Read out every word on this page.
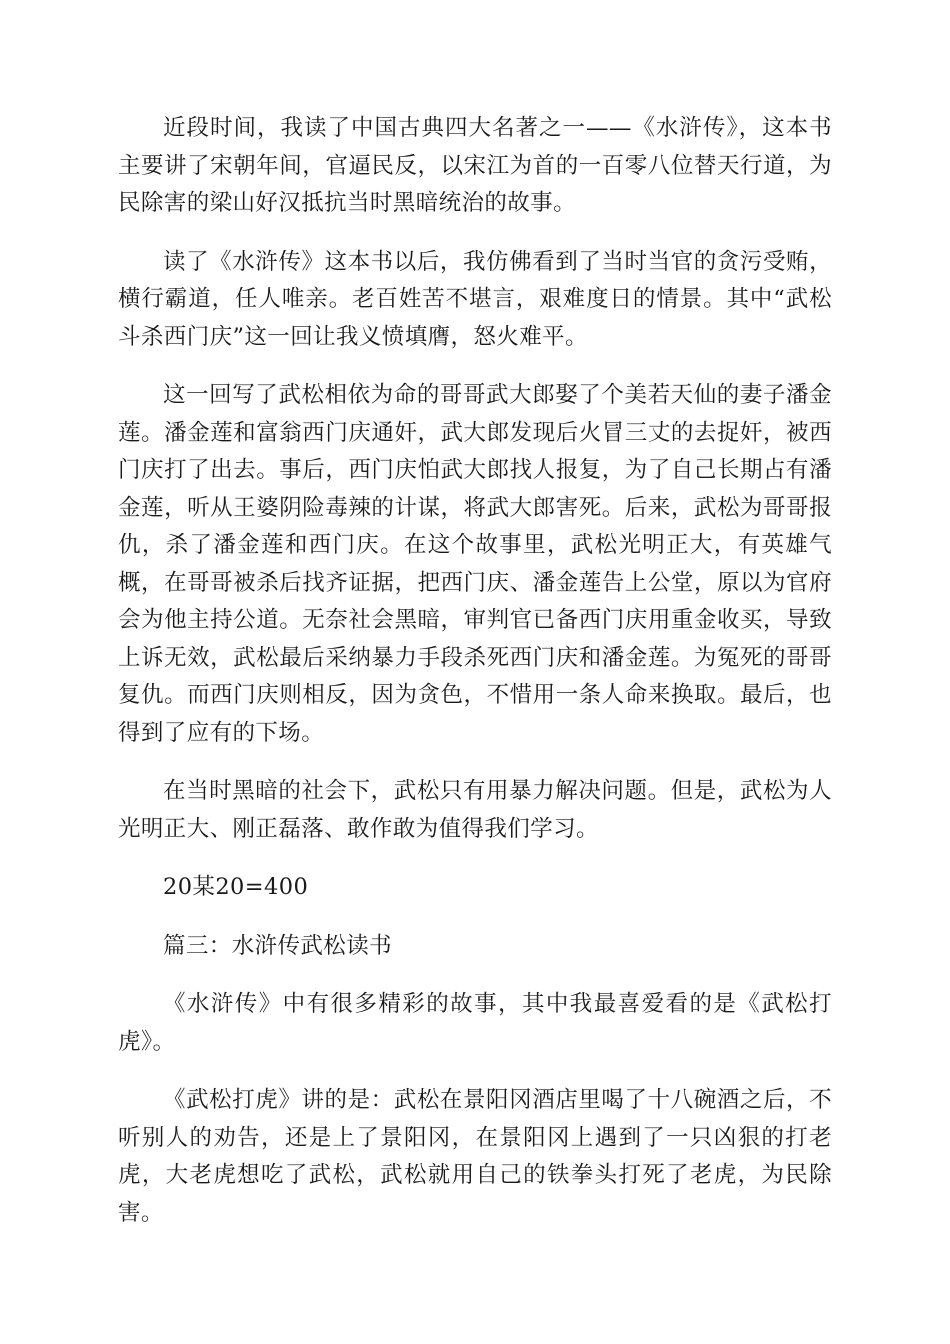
近段时间，我读了中国古典四大名著之一——《水浒传》，这本书主要讲了宋朝年间，官逼民反，以宋江为首的一百零八位替天行道，为民除害的梁山好汉抵抗当时黑暗统治的故事。

读了《水浒传》这本书以后，我仿佛看到了当时当官的贪污受贿，横行霸道，任人唯亲。老百姓苦不堪言，艰难度日的情景。其中“武松斗杀西门庆”这一回让我义愤填膺，怒火难平。

这一回写了武松相依为命的哥哥武大郎娶了个美若天仙的妻子潘金莲。潘金莲和富翁西门庆通奸，武大郎发现后火冒三丈的去捉奸，被西门庆打了出去。事后，西门庆怕武大郎找人报复，为了自己长期占有潘金莲，听从王婆阴险毒辣的计谋，将武大郎害死。后来，武松为哥哥报仇，杀了潘金莲和西门庆。在这个故事里，武松光明正大，有英雄气概，在哥哥被杀后找齐证据，把西门庆、潘金莲告上公堂，原以为官府会为他主持公道。无奈社会黑暗，审判官已备西门庆用重金收买，导致上诉无效，武松最后采纳暴力手段杀死西门庆和潘金莲。为冤死的哥哥复仇。而西门庆则相反，因为贪色，不惜用一条人命来换取。最后，也得到了应有的下场。

在当时黑暗的社会下，武松只有用暴力解决问题。但是，武松为人光明正大、刚正磊落、敢作敢为值得我们学习。

20某20=400

篇三：水浒传武松读书

《水浒传》中有很多精彩的故事，其中我最喜爱看的是《武松打虎》。

《武松打虎》讲的是：武松在景阳冈酒店里喝了十八碗酒之后，不听别人的劝告，还是上了景阳冈，在景阳冈上遇到了一只凶狠的打老虎，大老虎想吃了武松，武松就用自己的铁拳头打死了老虎，为民除害。
